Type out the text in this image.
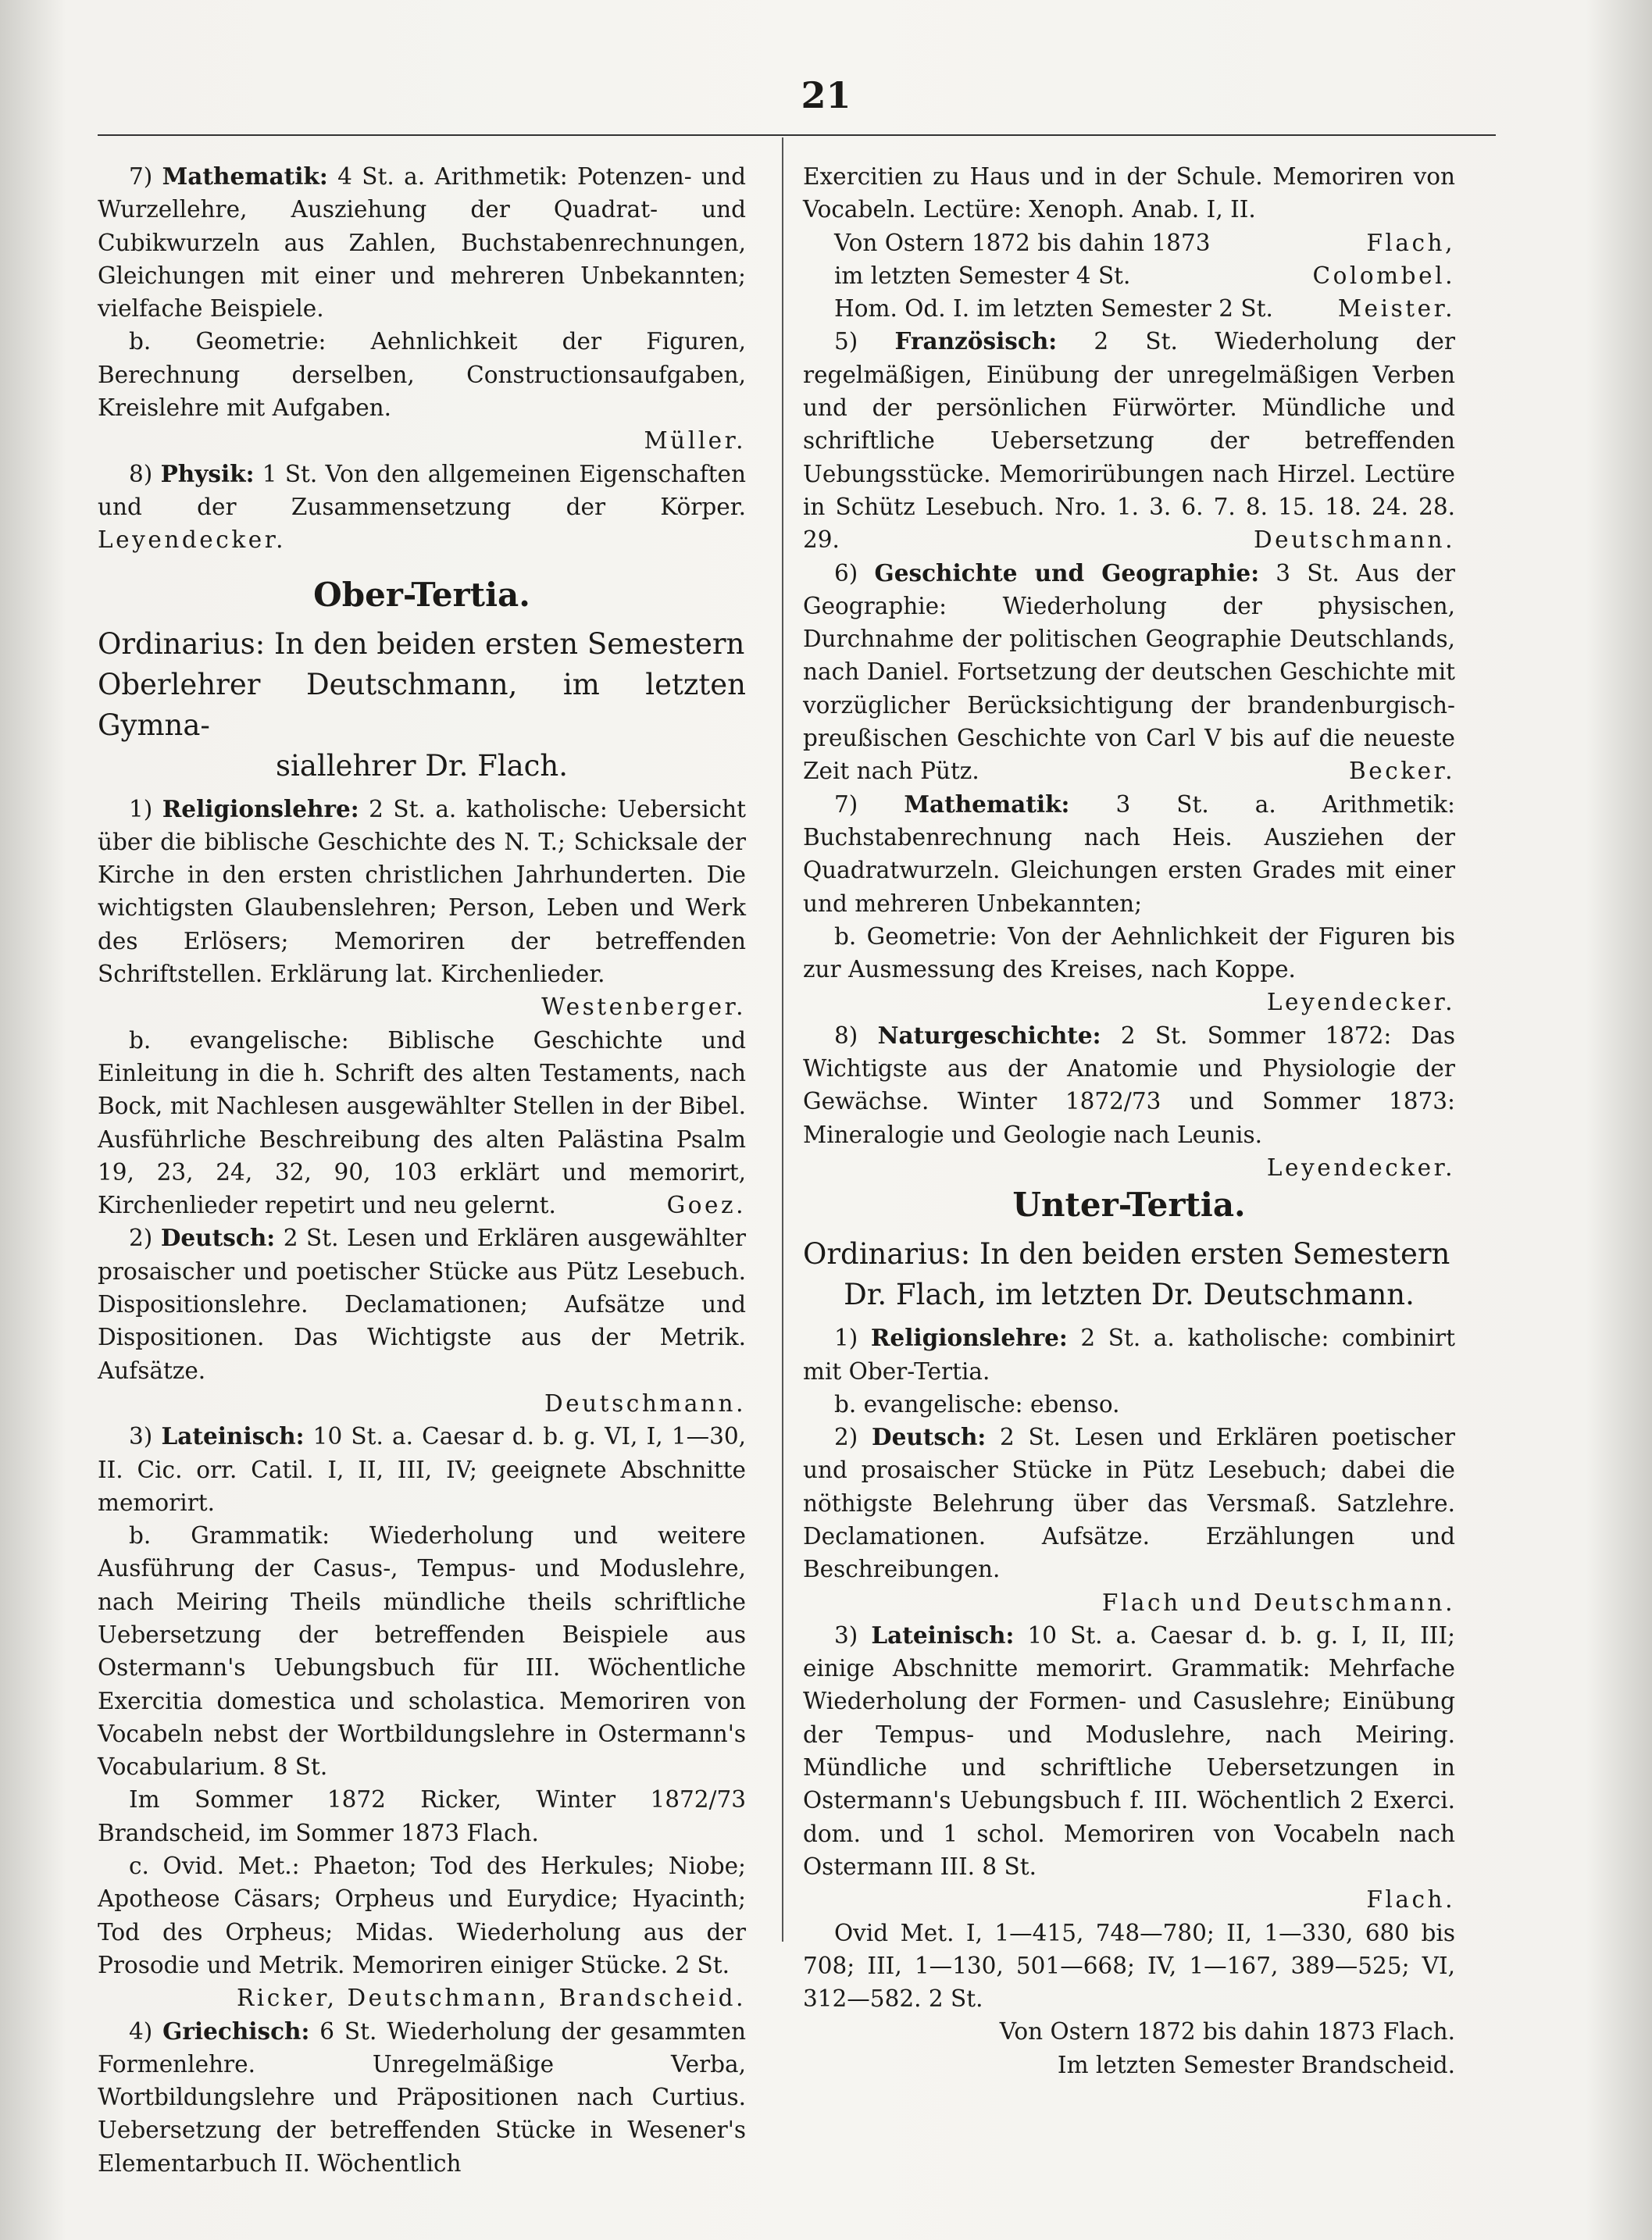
21

7) Mathematik: 4 St. a. Arithmetik: Potenzen- und Wurzellehre, Ausziehung der Quadrat- und Cubikwurzeln aus Zahlen, Buchstabenrechnungen, Gleichungen mit einer und mehreren Unbekannten; vielfache Beispiele.

b. Geometrie: Aehnlichkeit der Figuren, Berechnung derselben, Constructionsaufgaben, Kreislehre mit Aufgaben.

Müller.

8) Physik: 1 St. Von den allgemeinen Eigenschaften und der Zusammensetzung der Körper. Leyendecker.

Ober-Tertia.

Ordinarius: In den beiden ersten Semestern

Oberlehrer Deutschmann, im letzten Gymna-

siallehrer Dr. Flach.

1) Religionslehre: 2 St. a. katholische: Uebersicht über die biblische Geschichte des N. T.; Schicksale der Kirche in den ersten christlichen Jahrhunderten. Die wichtigsten Glaubenslehren; Person, Leben und Werk des Erlösers; Memoriren der betreffenden Schriftstellen. Erklärung lat. Kirchenlieder.
Westenberger.

b. evangelische: Biblische Geschichte und Einleitung in die h. Schrift des alten Testaments, nach Bock, mit Nachlesen ausgewählter Stellen in der Bibel. Ausführliche Beschreibung des alten Palästina Psalm 19, 23, 24, 32, 90, 103 erklärt und memorirt, Kirchenlieder repetirt und neu gelernt.	Goez.

2) Deutsch: 2 St. Lesen und Erklären ausgewählter prosaischer und poetischer Stücke aus Pütz Lesebuch. Dispositionslehre. Declamationen; Aufsätze und Dispositionen. Das Wichtigste aus der Metrik. Aufsätze.

Deutschmann.

3) Lateinisch: 10 St. a. Caesar d. b. g. VI, I, 1—30, II. Cic. orr. Catil. I, II, III, IV; geeignete Abschnitte memorirt.

b. Grammatik: Wiederholung und weitere Ausführung der Casus-, Tempus- und Moduslehre, nach Meiring Theils mündliche theils schriftliche Uebersetzung der betreffenden Beispiele aus Ostermann's Uebungsbuch für III. Wöchentliche Exercitia domestica und scholastica. Memoriren von Vocabeln nebst der Wortbildungslehre in Ostermann's Vocabularium. 8 St.

Im Sommer 1872 Ricker, Winter 1872/73 Brandscheid, im Sommer 1873 Flach.

c. Ovid. Met.: Phaeton; Tod des Herkules; Niobe; Apotheose Cäsars; Orpheus und Eurydice; Hyacinth; Tod des Orpheus; Midas. Wiederholung aus der Prosodie und Metrik. Memoriren einiger Stücke. 2 St.

Ricker, Deutschmann, Brandscheid.

4) Griechisch: 6 St. Wiederholung der gesammten Formenlehre. Unregelmäßige Verba, Wortbildungslehre und Präpositionen nach Curtius. Uebersetzung der betreffenden Stücke in Wesener's Elementarbuch II. Wöchentlich

Exercitien zu Haus und in der Schule. Memoriren von Vocabeln. Lectüre: Xenoph. Anab. I, II.

Von Ostern 1872 bis dahin 1873	Flach,

im letzten Semester 4 St.	Colombel.

Hom. Od. I. im letzten Semester 2 St.	Meister.

5) Französisch: 2 St. Wiederholung der regelmäßigen, Einübung der unregelmäßigen Verben und der persönlichen Fürwörter. Mündliche und schriftliche Uebersetzung der betreffenden Uebungsstücke. Memorirübungen nach Hirzel. Lectüre in Schütz Lesebuch. Nro. 1. 3. 6. 7. 8. 15. 18. 24. 28. 29.	Deutschmann.

6) Geschichte und Geographie: 3 St. Aus der Geographie: Wiederholung der physischen, Durchnahme der politischen Geographie Deutschlands, nach Daniel. Fortsetzung der deutschen Geschichte mit vorzüglicher Berücksichtigung der brandenburgisch-preußischen Geschichte von Carl V bis auf die neueste Zeit nach Pütz.	Becker.

7) Mathematik: 3 St. a. Arithmetik: Buchstabenrechnung nach Heis. Ausziehen der Quadratwurzeln. Gleichungen ersten Grades mit einer und mehreren Unbekannten;

b. Geometrie: Von der Aehnlichkeit der Figuren bis zur Ausmessung des Kreises, nach Koppe.

Leyendecker.

8) Naturgeschichte: 2 St. Sommer 1872: Das Wichtigste aus der Anatomie und Physiologie der Gewächse. Winter 1872/73 und Sommer 1873: Mineralogie und Geologie nach Leunis.
Leyendecker.

Unter-Tertia.

Ordinarius: In den beiden ersten Semestern

Dr. Flach, im letzten Dr. Deutschmann.

1) Religionslehre: 2 St. a. katholische: combinirt mit Ober-Tertia.

b. evangelische: ebenso.

2) Deutsch: 2 St. Lesen und Erklären poetischer und prosaischer Stücke in Pütz Lesebuch; dabei die nöthigste Belehrung über das Versmaß. Satzlehre. Declamationen. Aufsätze. Erzählungen und Beschreibungen.

Flach und Deutschmann.

3) Lateinisch: 10 St. a. Caesar d. b. g. I, II, III; einige Abschnitte memorirt. Grammatik: Mehrfache Wiederholung der Formen- und Casuslehre; Einübung der Tempus- und Moduslehre, nach Meiring. Mündliche und schriftliche Uebersetzungen in Ostermann's Uebungsbuch f. III. Wöchentlich 2 Exerci. dom. und 1 schol. Memoriren von Vocabeln nach Ostermann III. 8 St.

Flach.

Ovid Met. I, 1—415, 748—780; II, 1—330, 680 bis 708; III, 1—130, 501—668; IV, 1—167, 389—525; VI, 312—582. 2 St.

Von Ostern 1872 bis dahin 1873 Flach.

Im letzten Semester Brandscheid.
